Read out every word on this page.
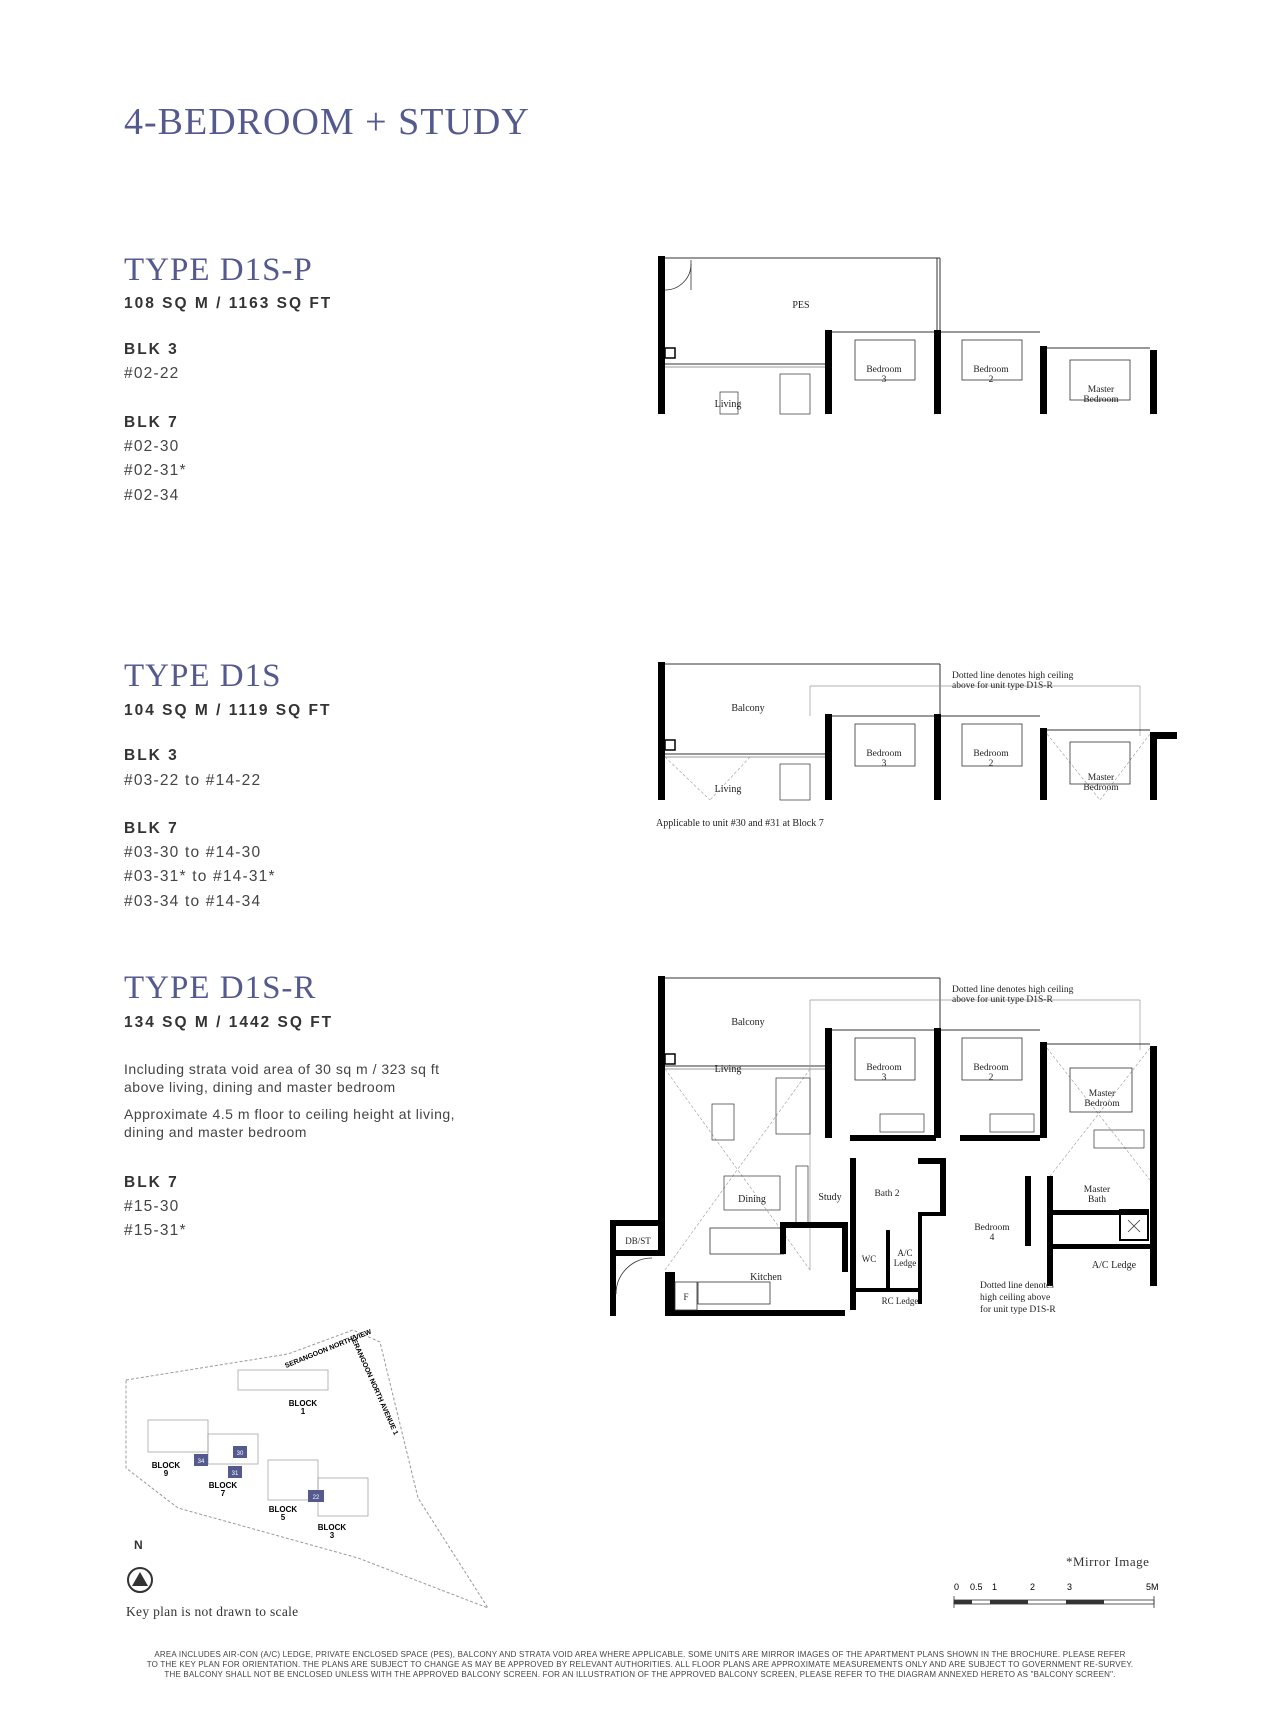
4-BEDROOM + STUDY
TYPE D1S-P
108 SQ M / 1163 SQ FT
BLK 3
#02-22
BLK 7
#02-30
#02-31*
#02-34
PES
Living
Bedroom
3
Bedroom
2
Master
Bedroom
TYPE D1S
104 SQ M / 1119 SQ FT
BLK 3
#03-22 to #14-22
BLK 7
#03-30 to #14-30
#03-31* to #14-31*
#03-34 to #14-34
Balcony
Living
Bedroom
3
Bedroom
2
Master
Bedroom
Dotted line denotes high ceiling
above for unit type D1S-R
Applicable to unit #30 and #31 at Block 7
TYPE D1S-R
134 SQ M / 1442 SQ FT
Including strata void area of 30 sq m / 323 sq ft above living, dining and master bedroom
Approximate 4.5 m floor to ceiling height at living, dining and master bedroom
BLK 7
#15-30
#15-31*
Balcony
Living	Bedroom
3
Bedroom
2
Master
Bedroom
Dining	Study	Bath 2	Master
Bath
Bedroom
4
Kitchen
DB/ST
WC
A/C
Ledge
RC Ledge
A/C Ledge
F
Dotted line denotes high ceiling
above for unit type D1S-R
Dotted line denotes
high ceiling above
for unit type D1S-R
SERANGOON NORTH VIEW
SERANGOON NORTH AVENUE 1
BLOCK
1
BLOCK
9
30
34
31
BLOCK
7
BLOCK
5
22
BLOCK
3
N
Key plan is not drawn to scale
*Mirror Image
0 0.5 1	2	3	5M
AREA INCLUDES AIR-CON (A/C) LEDGE, PRIVATE ENCLOSED SPACE (PES), BALCONY AND STRATA VOID AREA WHERE APPLICABLE. SOME UNITS ARE MIRROR IMAGES OF THE APARTMENT PLANS SHOWN IN THE BROCHURE. PLEASE REFER
TO THE KEY PLAN FOR ORIENTATION. THE PLANS ARE SUBJECT TO CHANGE AS MAY BE APPROVED BY RELEVANT AUTHORITIES. ALL FLOOR PLANS ARE APPROXIMATE MEASUREMENTS ONLY AND ARE SUBJECT TO GOVERNMENT RE-SURVEY.
THE BALCONY SHALL NOT BE ENCLOSED UNLESS WITH THE APPROVED BALCONY SCREEN. FOR AN ILLUSTRATION OF THE APPROVED BALCONY SCREEN, PLEASE REFER TO THE DIAGRAM ANNEXED HERETO AS "BALCONY SCREEN".
